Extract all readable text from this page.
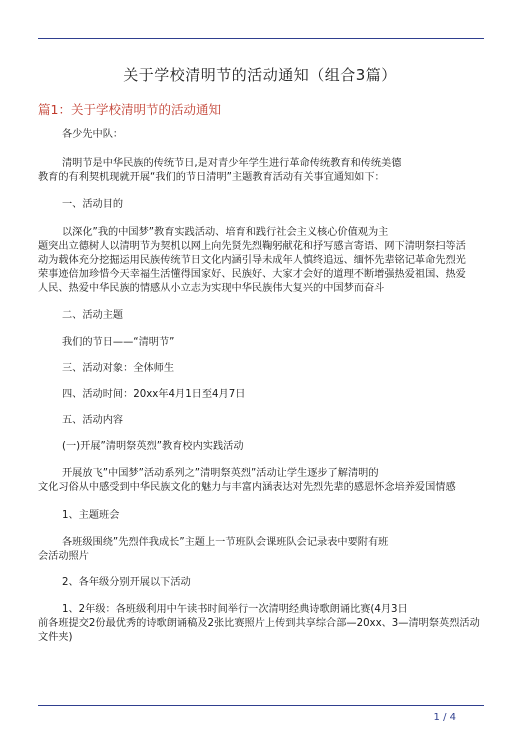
关于学校清明节的活动通知（组合3篇）
篇1：关于学校清明节的活动通知
各少先中队：
清明节是中华民族的传统节日,是对青少年学生进行革命传统教育和传统美德
教育的有利契机现就开展“我们的节日清明”主题教育活动有关事宜通知如下：
一、活动目的
以深化”我的中国梦”教育实践活动、培育和践行社会主义核心价值观为主
题突出立德树人以清明节为契机以网上向先贤先烈鞠躬献花和抒写感言寄语、网下清明祭扫等活
动为载体充分挖掘运用民族传统节日文化内涵引导未成年人慎终追远、缅怀先辈铭记革命先烈光
荣事迹倍加珍惜今天幸福生活懂得国家好、民族好、大家才会好的道理不断增强热爱祖国、热爱
人民、热爱中华民族的情感从小立志为实现中华民族伟大复兴的中国梦而奋斗
二、活动主题
我们的节日——“清明节”
三、活动对象：全体师生
四、活动时间：20xx年4月1日至4月7日
五、活动内容
(一)开展”清明祭英烈”教育校内实践活动
开展放飞”中国梦”活动系列之”清明祭英烈”活动让学生逐步了解清明的
文化习俗从中感受到中华民族文化的魅力与丰富内涵表达对先烈先辈的感恩怀念培养爱国情感
1、主题班会
各班级围绕”先烈伴我成长”主题上一节班队会课班队会记录表中要附有班
会活动照片
2、各年级分别开展以下活动
1、2年级：各班级利用中午读书时间举行一次清明经典诗歌朗诵比赛(4月3日
前各班提交2份最优秀的诗歌朗诵稿及2张比赛照片上传到共享综合部—20xx、3—清明祭英烈活动
文件夹)
1 / 4
